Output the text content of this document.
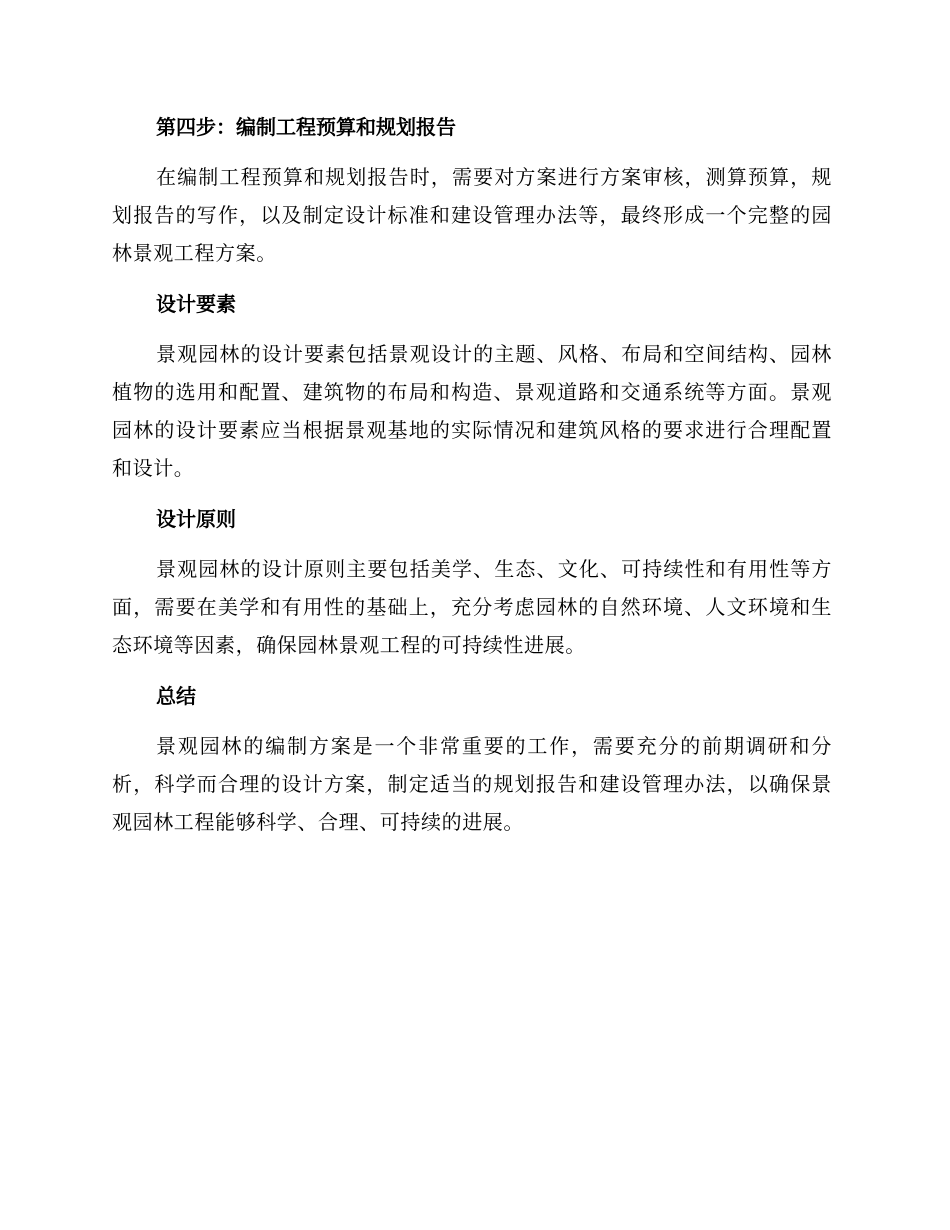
第四步：编制工程预算和规划报告

在编制工程预算和规划报告时，需要对方案进行方案审核，测算预算，规划报告的写作，以及制定设计标准和建设管理办法等，最终形成一个完整的园林景观工程方案。

设计要素

景观园林的设计要素包括景观设计的主题、风格、布局和空间结构、园林植物的选用和配置、建筑物的布局和构造、景观道路和交通系统等方面。景观园林的设计要素应当根据景观基地的实际情况和建筑风格的要求进行合理配置和设计。

设计原则

景观园林的设计原则主要包括美学、生态、文化、可持续性和有用性等方面，需要在美学和有用性的基础上，充分考虑园林的自然环境、人文环境和生态环境等因素，确保园林景观工程的可持续性进展。

总结

景观园林的编制方案是一个非常重要的工作，需要充分的前期调研和分析，科学而合理的设计方案，制定适当的规划报告和建设管理办法，以确保景观园林工程能够科学、合理、可持续的进展。
